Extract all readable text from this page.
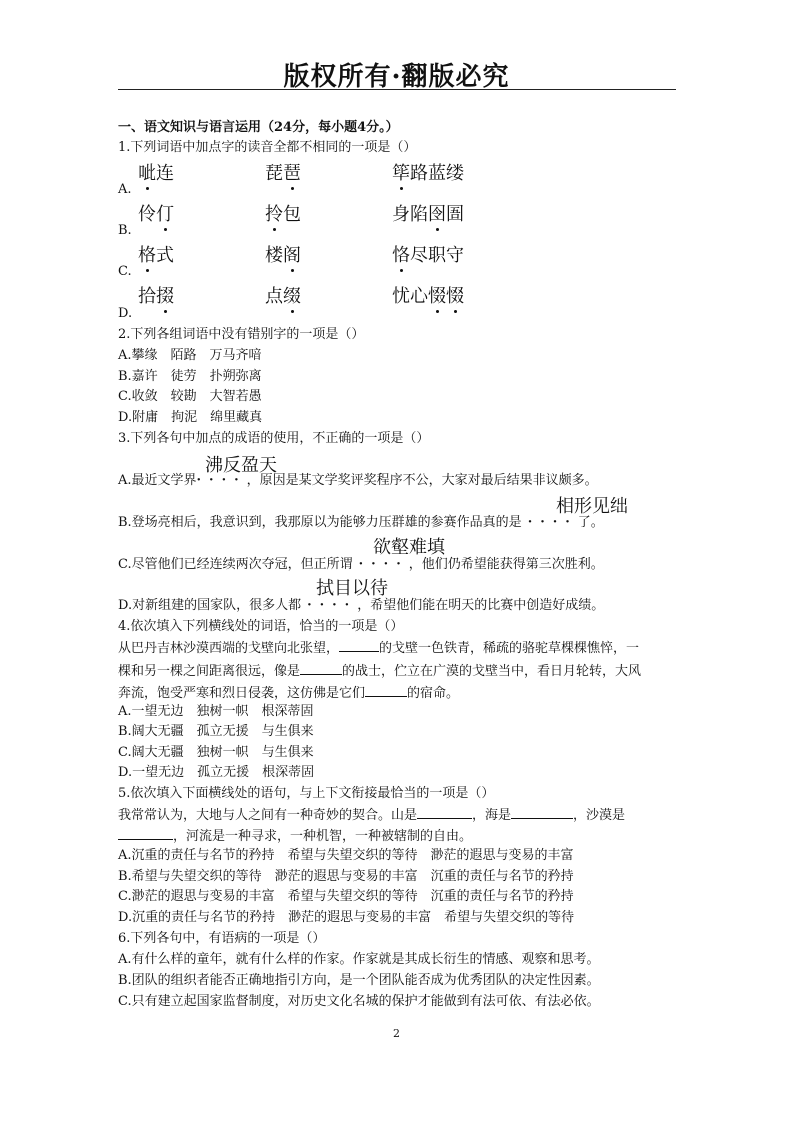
版权所有·翻版必究
一、语文知识与语言运用（24分，每小题4分。）
1.下列词语中加点字的读音全都不相同的一项是（）
A.
呲连	琵琶	筚路蓝缕
B.
伶仃	拎包	身陷囹圄
C.
格式	楼阁	恪尽职守
D.
拾掇	点缀	忧心惙惙
2.下列各组词语中没有错别字的一项是（）
A.攀缘　陌路　万马齐喑
B.嘉许　徒劳　扑朔弥离
C.收敛　较勘　大智若愚
D.附庸　拘泥　绵里藏真
3.下列各句中加点的成语的使用，不正确的一项是（）
沸反盈天
A.最近文学界····，原因是某文学奖评奖程序不公，大家对最后结果非议颇多。
相形见绌
B.登场亮相后，我意识到，我那原以为能够力压群雄的参赛作品真的是 ····了。
欲壑难填
C.尽管他们已经连续两次夺冠，但正所谓 ····，他们仍希望能获得第三次胜利。
拭目以待
D.对新组建的国家队，很多人都 ····，希望他们能在明天的比赛中创造好成绩。
4.依次填入下列横线处的词语，恰当的一项是（）
从巴丹吉林沙漠西端的戈壁向北张望，	的戈壁一色铁青，稀疏的骆驼草棵棵憔悴，一
棵和另一棵之间距离很远，像是	的战士，伫立在广漠的戈壁当中，看日月轮转，大风
奔流，饱受严寒和烈日侵袭，这仿佛是它们	的宿命。
A.一望无边　独树一帜　根深蒂固
B.阔大无疆　孤立无援　与生俱来
C.阔大无疆　独树一帜　与生俱来
D.一望无边　孤立无援　根深蒂固
5.依次填入下面横线处的语句，与上下文衔接最恰当的一项是（）
我常常认为，大地与人之间有一种奇妙的契合。山是	，海是	，沙漠是
，河流是一种寻求，一种机智，一种被辖制的自由。
A.沉重的责任与名节的矜持　希望与失望交织的等待　渺茫的遐思与变易的丰富
B.希望与失望交织的等待　渺茫的遐思与变易的丰富　沉重的责任与名节的矜持
C.渺茫的遐思与变易的丰富　希望与失望交织的等待　沉重的责任与名节的矜持
D.沉重的责任与名节的矜持　渺茫的遐思与变易的丰富　希望与失望交织的等待
6.下列各句中，有语病的一项是（）
A.有什么样的童年，就有什么样的作家。作家就是其成长衍生的情感、观察和思考。
B.团队的组织者能否正确地指引方向，是一个团队能否成为优秀团队的决定性因素。
C.只有建立起国家监督制度，对历史文化名城的保护才能做到有法可依、有法必依。
2
